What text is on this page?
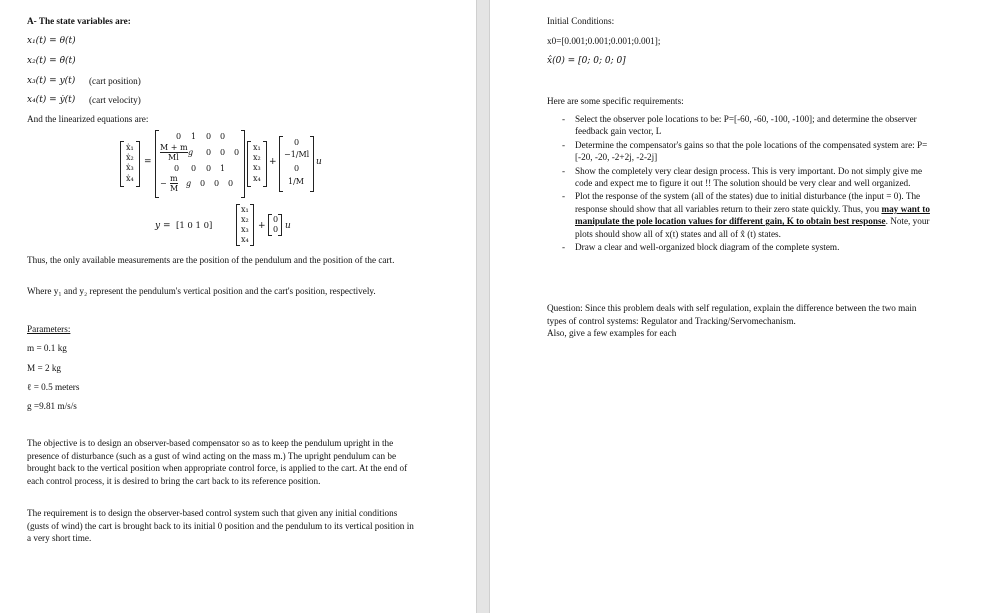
A- The state variables are:
x₁(t) = θ(t)
x₂(t) = θ̇(t)
x₃(t) = y(t) (cart position)
x₄(t) = ẏ(t) (cart velocity)
And the linearized equations are:
ẋ₁
ẋ₂
ẋ₃
ẋ₄
=
0 1 0 0
M + m
Ml
g 0 0 0
0 0 0 1
−
m
M
g 0 0 0
x₁
x₂
x₃
x₄
+
0
−1/Ml
0
1/M
u
y = [1 0 1 0]
x₁
x₂
x₃
x₄
+
0
0 u
Thus, the only available measurements are the position of the pendulum and the position of the cart.
Where y₁ and y₂ represent the pendulum's vertical position and the cart's position, respectively.
Parameters:
m = 0.1 kg
M = 2 kg
ℓ = 0.5 meters
g =9.81 m/s/s
The objective is to design an observer-based compensator so as to keep the pendulum upright in the presence of disturbance (such as a gust of wind acting on the mass m.) The upright pendulum can be brought back to the vertical position when appropriate control force, is applied to the cart. At the end of each control process, it is desired to bring the cart back to its reference position.
The requirement is to design the observer-based control system such that given any initial conditions (gusts of wind) the cart is brought back to its initial 0 position and the pendulum to its vertical position in a very short time.
Initial Conditions:
x0=[0.001;0.001;0.001;0.001];
x̂(0) = [0; 0; 0; 0]
Here are some specific requirements:
- Select the observer pole locations to be: P=[-60, -60, -100, -100]; and determine the observer feedback gain vector, L
- Determine the compensator's gains so that the pole locations of the compensated system are: P=[-20, -20, -2+2j, -2-2j]
- Show the completely very clear design process. This is very important. Do not simply give me code and expect me to figure it out !! The solution should be very clear and well organized.
- Plot the response of the system (all of the states) due to initial disturbance (the input = 0). The response should show that all variables return to their zero state quickly. Thus, you may want to manipulate the pole location values for different gain, K to obtain best response. Note, your plots should show all of x(t) states and all of x̂ (t) states.
- Draw a clear and well-organized block diagram of the complete system.
Question: Since this problem deals with self regulation, explain the difference between the two main types of control systems: Regulator and Tracking/Servomechanism.
Also, give a few examples for each
